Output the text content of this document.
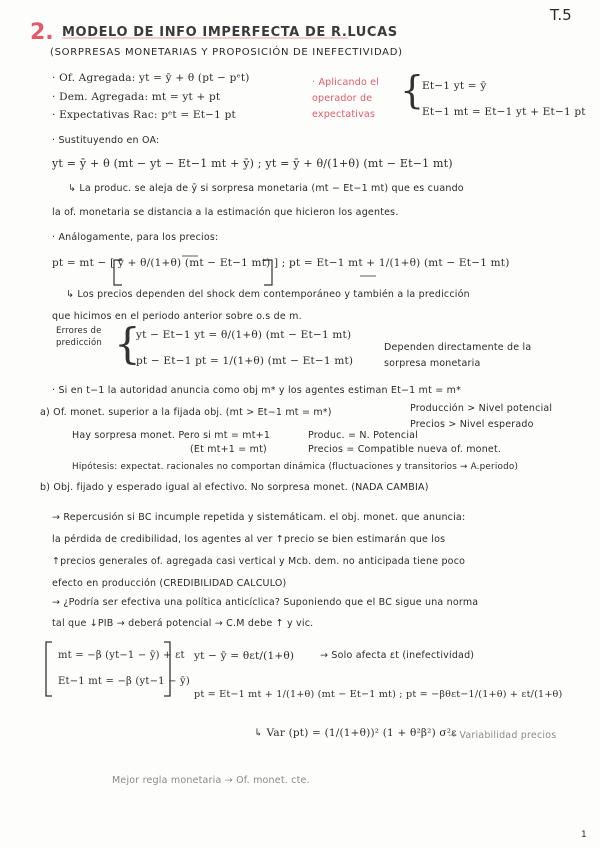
T.5
2. MODELO DE INFO IMPERFECTA DE R.LUCAS
(SORPRESAS MONETARIAS Y PROPOSICIÓN DE INEFECTIVIDAD)
· Of. Agregada: yt = ȳ + θ (pt − pᵉt)
· Dem. Agregada: mt = yt + pt
· Expectativas Rac: pᵉt = Et−1 pt
· Aplicando el operador de expectativas
{
Et−1 yt = ȳ
Et−1 mt = Et−1 yt + Et−1 pt
· Sustituyendo en OA:
yt = ȳ + θ (mt − yt − Et−1 mt + ȳ) ; yt = ȳ + θ/(1+θ) (mt − Et−1 mt)
↳ La produc. se aleja de ȳ si sorpresa monetaria (mt − Et−1 mt) que es cuando
la of. monetaria se distancia a la estimación que hicieron los agentes.
· Análogamente, para los precios:
pt = mt − [ ȳ + θ/(1+θ) (mt − Et−1 mt) ] ; pt = Et−1 mt + 1/(1+θ) (mt − Et−1 mt)
↳ Los precios dependen del shock dem contemporáneo y también a la predicción
que hicimos en el periodo anterior sobre o.s de m.
Errores de predicción {
yt − Et−1 yt = θ/(1+θ) (mt − Et−1 mt)
pt − Et−1 pt = 1/(1+θ) (mt − Et−1 mt)
Dependen directamente de la sorpresa monetaria
· Si en t−1 la autoridad anuncia como obj m* y los agentes estiman Et−1 mt = m*
a) Of. monet. superior a la fijada obj. (mt > Et−1 mt = m*)	Producción > Nivel potencial
Precios > Nivel esperado
Hay sorpresa monet. Pero si mt = mt+1
(Et mt+1 = mt)
Produc. = N. Potencial
Precios = Compatible nueva of. monet.
Hipótesis: expectat. racionales no comportan dinámica (fluctuaciones y transitorios → A.periodo)
b) Obj. fijado y esperado igual al efectivo. No sorpresa monet. (NADA CAMBIA)
→ Repercusión si BC incumple repetida y sistemáticam. el obj. monet. que anuncia:
la pérdida de credibilidad, los agentes al ver ↑precio se bien estimarán que los
↑precios generales of. agregada casi vertical y Mcb. dem. no anticipada tiene poco
efecto en producción (CREDIBILIDAD CALCULO)
→ ¿Podría ser efectiva una política anticíclica? Suponiendo que el BC sigue una norma
tal que ↓PIB → deberá potencial → C.M debe ↑ y vic.
mt = −β (yt−1 − ȳ) + εt
Et−1 mt = −β (yt−1 − ȳ)
yt − ȳ = θεt/(1+θ)	→ Solo afecta εt (inefectividad)
pt = Et−1 mt + 1/(1+θ) (mt − Et−1 mt) ; pt = −βθεt−1/(1+θ) + εt/(1+θ)
↳ Var (pt) = (1/(1+θ))² (1 + θ²β²) σ²ε
→ Variabilidad precios
Mejor regla monetaria → Of. monet. cte.
1
